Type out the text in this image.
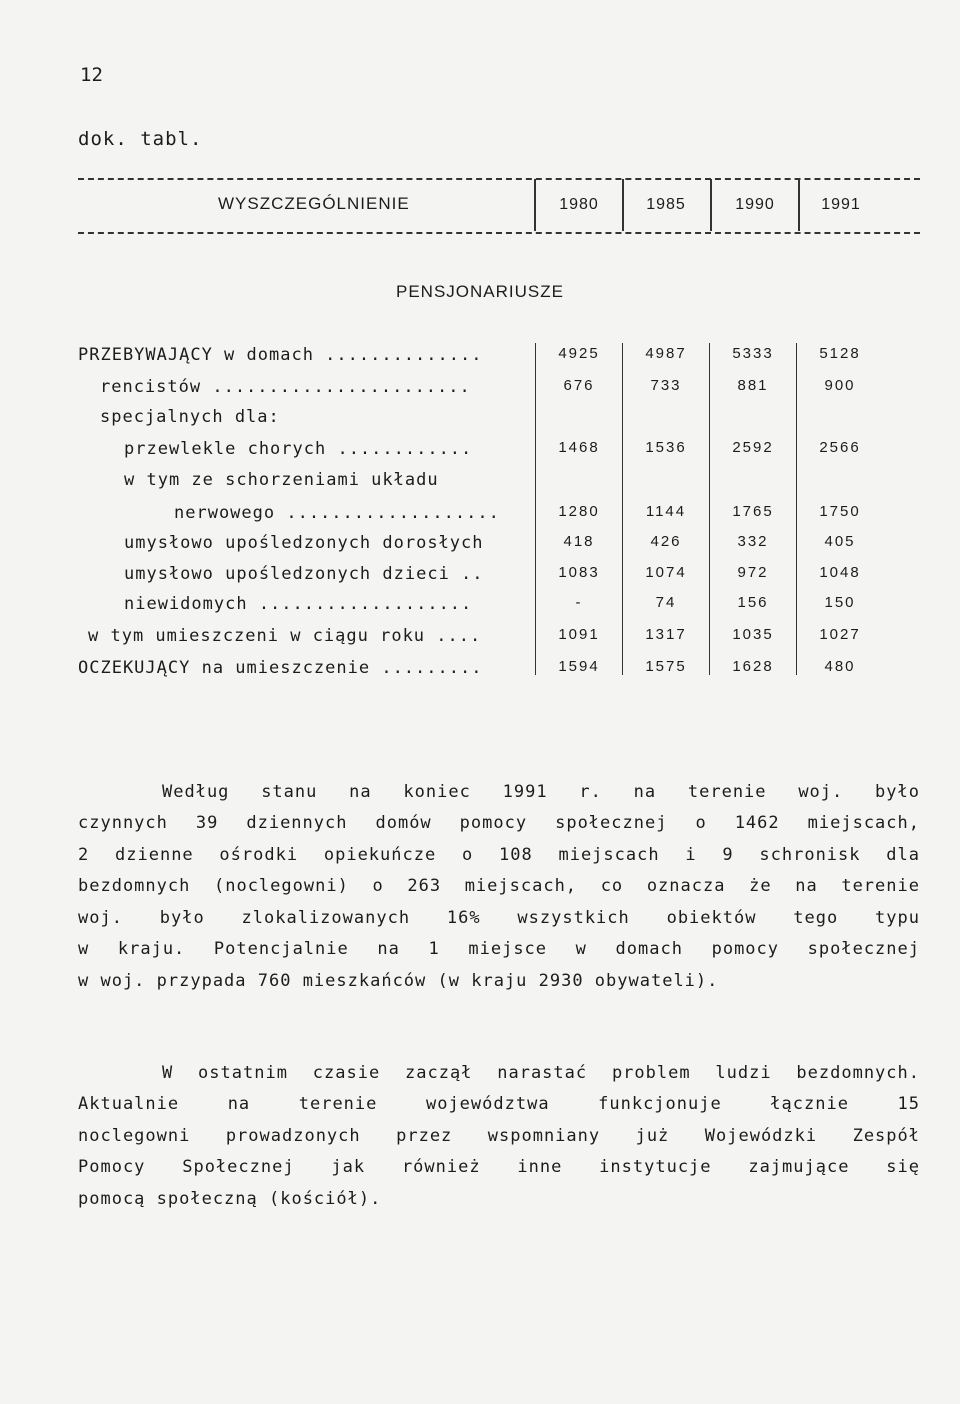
12
dok. tabl.
WYSZCZEGÓLNIENIE	1980	1985	1990	1991
PENSJONARIUSZE
PRZEBYWAJĄCY w domach ..............	4925	4987	5333	5128
rencistów .......................	676	733	881	900
specjalnych dla:
przewlekle chorych ............	1468	1536	2592	2566
w tym ze schorzeniami układu
nerwowego ...................	1280	1144	1765	1750
umysłowo upośledzonych dorosłych	418	426	332	405
umysłowo upośledzonych dzieci ..	1083	1074	972	1048
niewidomych ...................	-	74	156	150
w tym umieszczeni w ciągu roku ....	1091	1317	1035	1027
OCZEKUJĄCY na umieszczenie .........	1594	1575	1628	480
Według stanu na koniec 1991 r. na terenie woj. było
czynnych 39 dziennych domów pomocy społecznej o 1462 miejscach,
2 dzienne ośrodki opiekuńcze o 108 miejscach i 9 schronisk dla
bezdomnych (noclegowni) o 263 miejscach, co oznacza że na terenie
woj. było zlokalizowanych 16% wszystkich obiektów tego typu
w kraju. Potencjalnie na 1 miejsce w domach pomocy społecznej
w woj. przypada 760 mieszkańców (w kraju 2930 obywateli).
W ostatnim czasie zaczął narastać problem ludzi bezdomnych.
Aktualnie na terenie województwa funkcjonuje łącznie 15
noclegowni prowadzonych przez wspomniany już Wojewódzki Zespół
Pomocy Społecznej jak również inne instytucje zajmujące się
pomocą społeczną (kościół).
